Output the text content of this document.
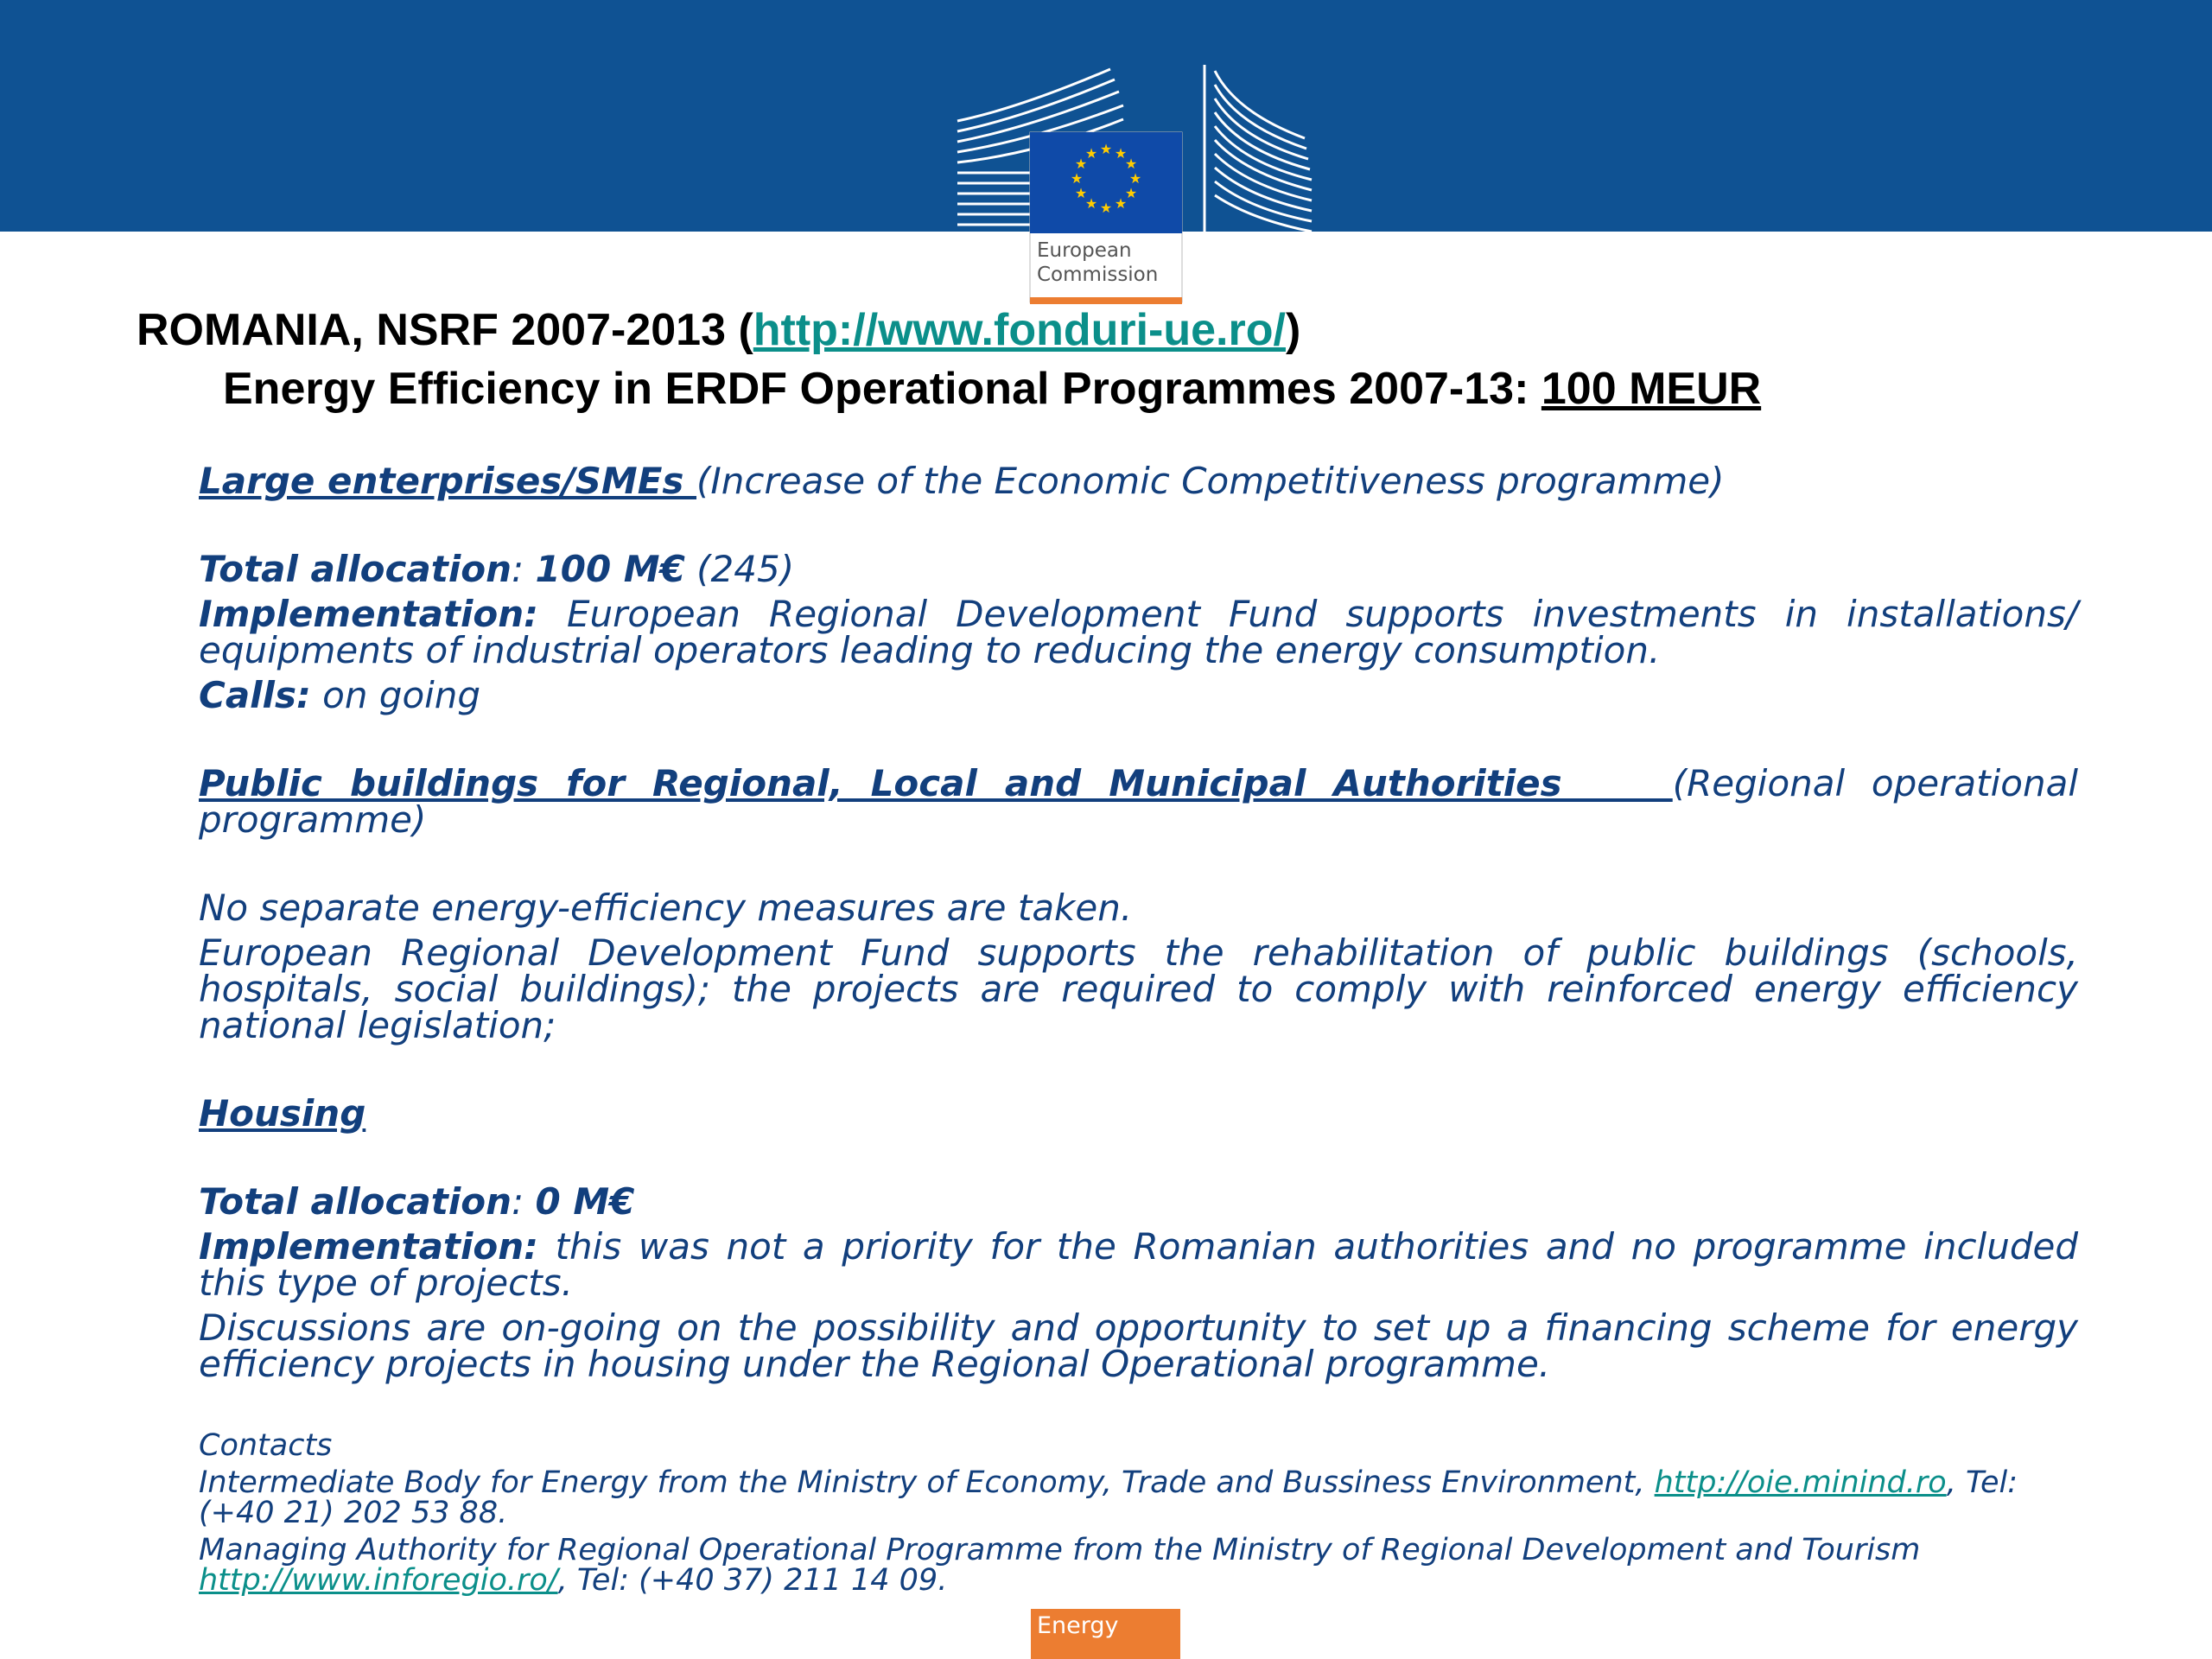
★ ★
★
★
★
★
★
★
★
★
★
★
European
Commission
ROMANIA, NSRF 2007-2013 (http://www.fonduri-ue.ro/)
Energy Efficiency in ERDF Operational Programmes 2007-13: 100 MEUR

Large enterprises/SMEs (Increase of the Economic Competitiveness programme)

Total allocation: 100 M€ (245)

Implementation: European Regional Development Fund supports investments in installations/ equipments of industrial operators leading to reducing the energy consumption.

Calls: on going

Public buildings for Regional, Local and Municipal Authorities    (Regional operational programme)

No separate energy-efficiency measures are taken.

European Regional Development Fund supports the rehabilitation of public buildings (schools, hospitals, social buildings); the projects are required to comply with reinforced energy efficiency national legislation;

Housing

Total allocation: 0 M€

Implementation: this was not a priority for the Romanian authorities and no programme included this type of projects.

Discussions are on-going on the possibility and opportunity to set up a financing scheme for energy efficiency projects in housing under the Regional Operational programme.

Contacts

Intermediate Body for Energy from the Ministry of Economy, Trade and Bussiness Environment, http://oie.minind.ro, Tel: (+40 21) 202 53 88.

Managing Authority for Regional Operational Programme from the Ministry of Regional Development and Tourism http://www.inforegio.ro/, Tel: (+40 37) 211 14 09.

Energy
